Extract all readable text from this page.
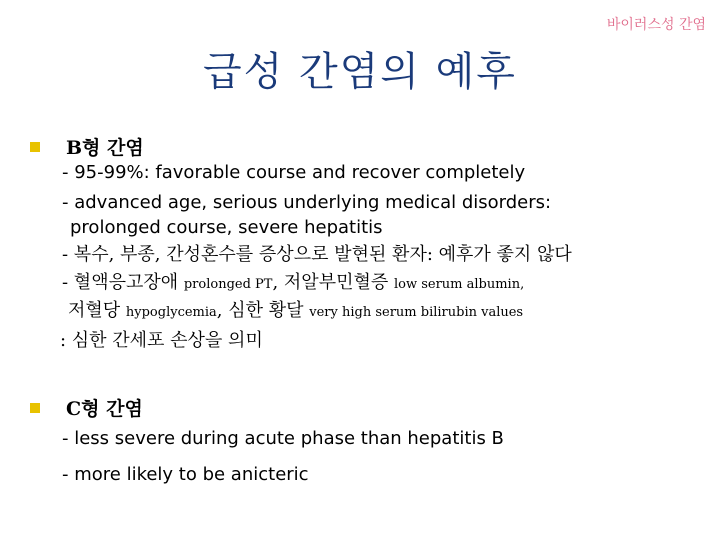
바이러스성 간염
급성 간염의 예후
B형 간염
- 95-99%: favorable course and recover completely
- advanced age, serious underlying medical disorders:
prolonged course, severe hepatitis
- 복수, 부종, 간성혼수를 증상으로 발현된 환자: 예후가 좋지 않다
- 혈액응고장애 prolonged PT, 저알부민혈증 low serum albumin,
저혈당 hypoglycemia, 심한 황달 very high serum bilirubin values
: 심한 간세포 손상을 의미
C형 간염
- less severe during acute phase than hepatitis B
- more likely to be anicteric
